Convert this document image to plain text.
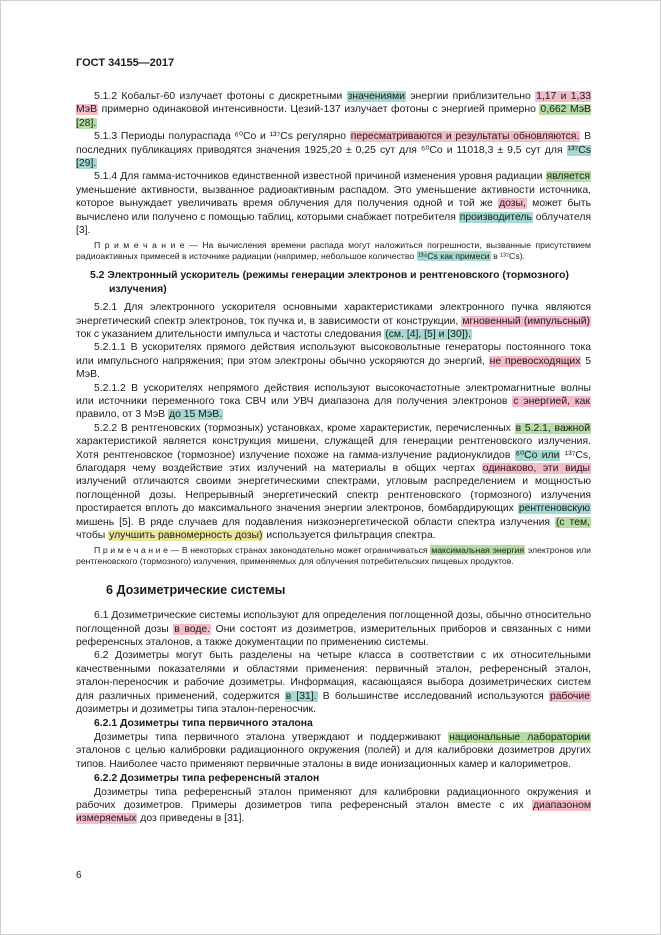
ГОСТ 34155—2017

5.1.2 Кобальт-60 излучает фотоны с дискретными значениями энергии приблизительно 1,17 и 1,33 МэВ примерно одинаковой интенсивности. Цезий-137 излучает фотоны с энергией примерно 0,662 МэВ [28].

5.1.3 Периоды полураспада ⁶⁰Co и ¹³⁷Cs регулярно пересматриваются и результаты обновляются. В последних публикациях приводятся значения 1925,20 ± 0,25 сут для ⁶⁰Co и 11018,3 ± 9,5 сут для ¹³⁷Cs [29].

5.1.4 Для гамма-источников единственной известной причиной изменения уровня радиации является уменьшение активности, вызванное радиоактивным распадом. Это уменьшение активности источника, которое вынуждает увеличивать время облучения для получения одной и той же дозы, может быть вычислено или получено с помощью таблиц, которыми снабжает потребителя производитель облучателя [3].

П р и м е ч а н и е — На вычисления времени распада могут наложиться погрешности, вызванные присутствием радиоактивных примесей в источнике радиации (например, небольшое количество ¹³⁴Cs как примеси в ¹³⁷Cs).

5.2 Электронный ускоритель (режимы генерации электронов и рентгеновского (тормозного) излучения)

5.2.1 Для электронного ускорителя основными характеристиками электронного пучка являются энергетический спектр электронов, ток пучка и, в зависимости от конструкции, мгновенный (импульсный) ток с указанием длительности импульса и частоты следования (см. [4], [5] и [30]).

5.2.1.1 В ускорителях прямого действия используют высоковольтные генераторы постоянного тока или импульсного напряжения; при этом электроны обычно ускоряются до энергий, не превосходящих 5 МэВ.

5.2.1.2 В ускорителях непрямого действия используют высокочастотные электромагнитные волны или источники переменного тока СВЧ или УВЧ диапазона для получения электронов с энергией, как правило, от 3 МэВ до 15 МэВ.

5.2.2 В рентгеновских (тормозных) установках, кроме характеристик, перечисленных в 5.2.1, важной характеристикой является конструкция мишени, служащей для генерации рентгеновского излучения. Хотя рентгеновское (тормозное) излучение похоже на гамма-излучение радионуклидов ⁶⁰Co или ¹³⁷Cs, благодаря чему воздействие этих излучений на материалы в общих чертах одинаково, эти виды излучений отличаются своими энергетическими спектрами, угловым распределением и мощностью поглощенной дозы. Непрерывный энергетический спектр рентгеновского (тормозного) излучения простирается вплоть до максимального значения энергии электронов, бомбардирующих рентгеновскую мишень [5]. В ряде случаев для подавления низкоэнергетической области спектра излучения (с тем, чтобы улучшить равномерность дозы) используется фильтрация спектра.

П р и м е ч а н и е — В некоторых странах законодательно может ограничиваться максимальная энергия электронов или рентгеновского (тормозного) излучения, применяемых для облучения потребительских пищевых продуктов.

6 Дозиметрические системы

6.1 Дозиметрические системы используют для определения поглощенной дозы, обычно относительно поглощенной дозы в воде. Они состоят из дозиметров, измерительных приборов и связанных с ними референсных эталонов, а также документации по применению системы.

6.2 Дозиметры могут быть разделены на четыре класса в соответствии с их относительными качественными показателями и областями применения: первичный эталон, референсный эталон, эталон-переносчик и рабочие дозиметры. Информация, касающаяся выбора дозиметрических систем для различных применений, содержится в [31]. В большинстве исследований используются рабочие дозиметры и дозиметры типа эталон-переносчик.

6.2.1 Дозиметры типа первичного эталона

Дозиметры типа первичного эталона утверждают и поддерживают национальные лаборатории эталонов с целью калибровки радиационного окружения (полей) и для калибровки дозиметров других типов. Наиболее часто применяют первичные эталоны в виде ионизационных камер и калориметров.

6.2.2 Дозиметры типа референсный эталон

Дозиметры типа референсный эталон применяют для калибровки радиационного окружения и рабочих дозиметров. Примеры дозиметров типа референсный эталон вместе с их диапазоном измеряемых доз приведены в [31].

6
